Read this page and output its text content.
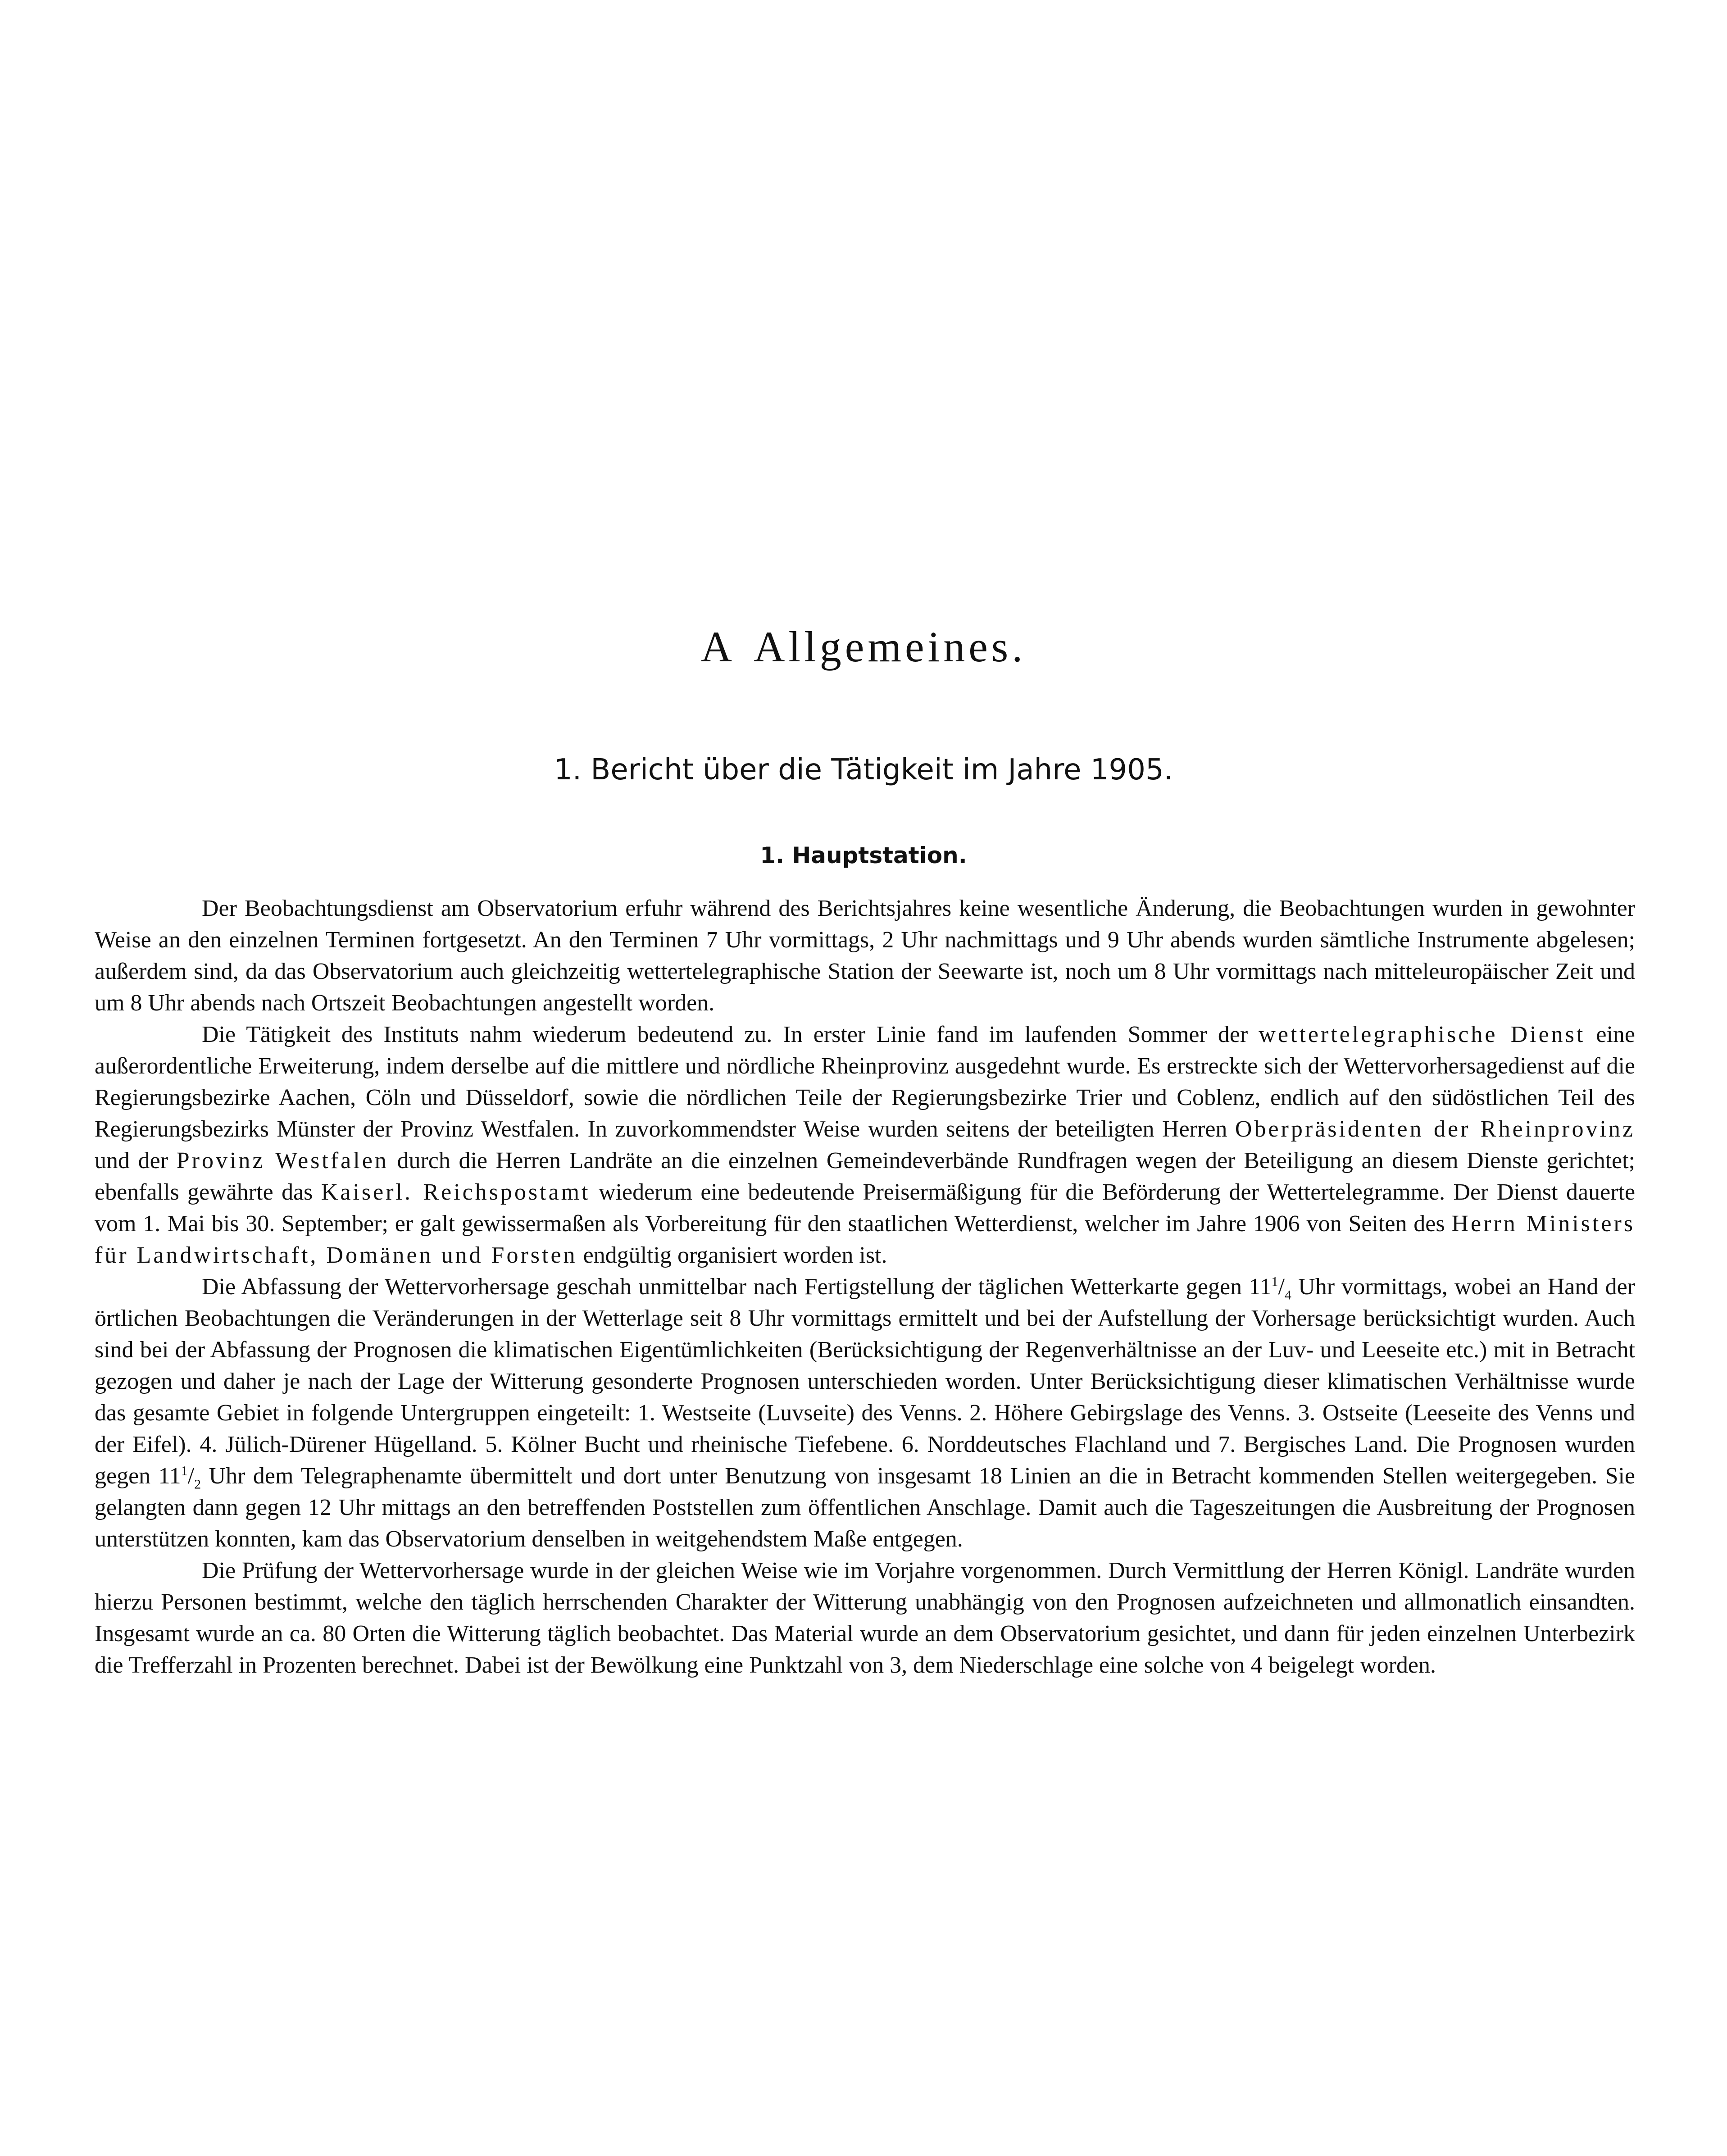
A Allgemeines.
1. Bericht über die Tätigkeit im Jahre 1905.
1. Hauptstation.

Der Beobachtungsdienst am Observatorium erfuhr während des Berichtsjahres keine wesentliche Änderung, die Beobachtungen wurden in gewohnter Weise an den einzelnen Terminen fortgesetzt. An den Terminen 7 Uhr vormittags, 2 Uhr nachmittags und 9 Uhr abends wurden sämtliche Instrumente abgelesen; außerdem sind, da das Observatorium auch gleichzeitig wettertelegraphische Station der Seewarte ist, noch um 8 Uhr vormittags nach mitteleuropäischer Zeit und um 8 Uhr abends nach Ortszeit Beobachtungen angestellt worden.

Die Tätigkeit des Instituts nahm wiederum bedeutend zu. In erster Linie fand im laufenden Sommer der wettertelegraphische Dienst eine außerordentliche Erweiterung, indem derselbe auf die mittlere und nördliche Rheinprovinz ausgedehnt wurde. Es erstreckte sich der Wettervorhersagedienst auf die Regierungsbezirke Aachen, Cöln und Düsseldorf, sowie die nördlichen Teile der Regierungsbezirke Trier und Coblenz, endlich auf den südöstlichen Teil des Regierungsbezirks Münster der Provinz Westfalen. In zuvorkommendster Weise wurden seitens der beteiligten Herren Oberpräsidenten der Rheinprovinz und der Provinz Westfalen durch die Herren Landräte an die einzelnen Gemeindeverbände Rundfragen wegen der Beteiligung an diesem Dienste gerichtet; ebenfalls gewährte das Kaiserl. Reichspostamt wiederum eine bedeutende Preisermäßigung für die Beförderung der Wettertelegramme. Der Dienst dauerte vom 1. Mai bis 30. September; er galt gewissermaßen als Vorbereitung für den staatlichen Wetterdienst, welcher im Jahre 1906 von Seiten des Herrn Ministers für Landwirtschaft, Domänen und Forsten endgültig organisiert worden ist.

Die Abfassung der Wettervorhersage geschah unmittelbar nach Fertigstellung der täglichen Wetterkarte gegen $11^1/_4$ Uhr vormittags, wobei an Hand der örtlichen Beobachtungen die Veränderungen in der Wetterlage seit 8 Uhr vormittags ermittelt und bei der Aufstellung der Vorhersage berücksichtigt wurden. Auch sind bei der Abfassung der Prognosen die klimatischen Eigentümlichkeiten (Berücksichtigung der Regenverhältnisse an der Luv- und Leeseite etc.) mit in Betracht gezogen und daher je nach der Lage der Witterung gesonderte Prognosen unterschieden worden. Unter Berücksichtigung dieser klimatischen Verhältnisse wurde das gesamte Gebiet in folgende Untergruppen eingeteilt: 1. Westseite (Luvseite) des Venns. 2. Höhere Gebirgslage des Venns. 3. Ostseite (Leeseite des Venns und der Eifel). 4. Jülich-Dürener Hügelland. 5. Kölner Bucht und rheinische Tiefebene. 6. Norddeutsches Flachland und 7. Bergisches Land. Die Prognosen wurden gegen $11^1/_2$ Uhr dem Telegraphenamte übermittelt und dort unter Benutzung von insgesamt 18 Linien an die in Betracht kommenden Stellen weitergegeben. Sie gelangten dann gegen 12 Uhr mittags an den betreffenden Poststellen zum öffentlichen Anschlage. Damit auch die Tageszeitungen die Ausbreitung der Prognosen unterstützen konnten, kam das Observatorium denselben in weitgehendstem Maße entgegen.

Die Prüfung der Wettervorhersage wurde in der gleichen Weise wie im Vorjahre vorgenommen. Durch Vermittlung der Herren Königl. Landräte wurden hierzu Personen bestimmt, welche den täglich herrschenden Charakter der Witterung unabhängig von den Prognosen aufzeichneten und allmonatlich einsandten. Insgesamt wurde an ca. 80 Orten die Witterung täglich beobachtet. Das Material wurde an dem Observatorium gesichtet, und dann für jeden einzelnen Unterbezirk die Trefferzahl in Prozenten berechnet. Dabei ist der Bewölkung eine Punktzahl von 3, dem Niederschlage eine solche von 4 beigelegt worden.
